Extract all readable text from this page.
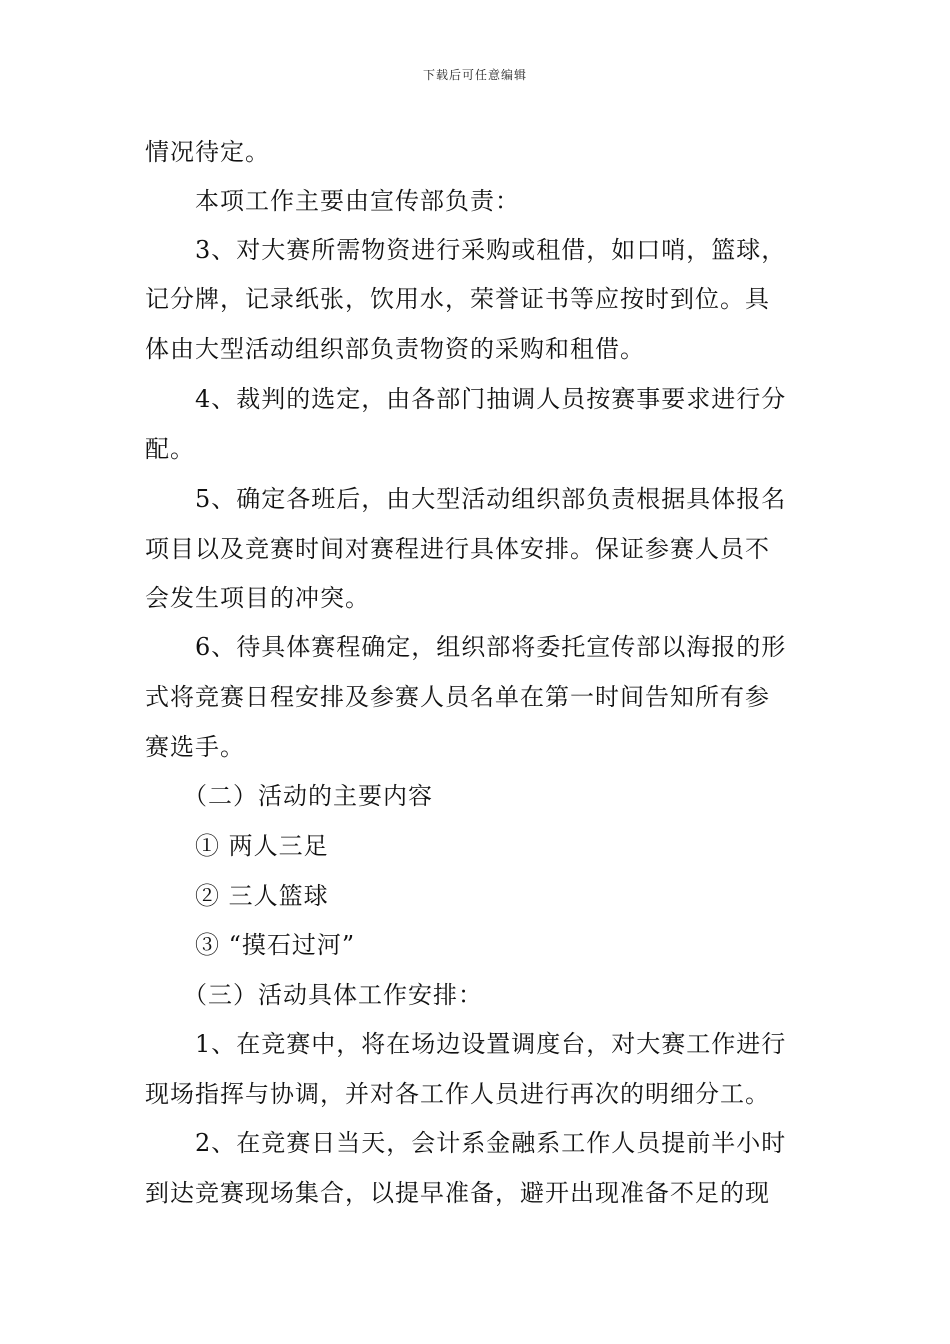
下载后可任意编辑
情况待定。
本项工作主要由宣传部负责：
3、对大赛所需物资进行采购或租借，如口哨，篮球，
记分牌，记录纸张，饮用水，荣誉证书等应按时到位。具
体由大型活动组织部负责物资的采购和租借。
4、裁判的选定，由各部门抽调人员按赛事要求进行分
配。
5、确定各班后，由大型活动组织部负责根据具体报名
项目以及竞赛时间对赛程进行具体安排。保证参赛人员不
会发生项目的冲突。
6、待具体赛程确定，组织部将委托宣传部以海报的形
式将竞赛日程安排及参赛人员名单在第一时间告知所有参
赛选手。
（二）活动的主要内容
① 两人三足
② 三人篮球
③ “摸石过河”
（三）活动具体工作安排：
1、在竞赛中，将在场边设置调度台，对大赛工作进行
现场指挥与协调，并对各工作人员进行再次的明细分工。
2、在竞赛日当天，会计系金融系工作人员提前半小时
到达竞赛现场集合，以提早准备，避开出现准备不足的现
